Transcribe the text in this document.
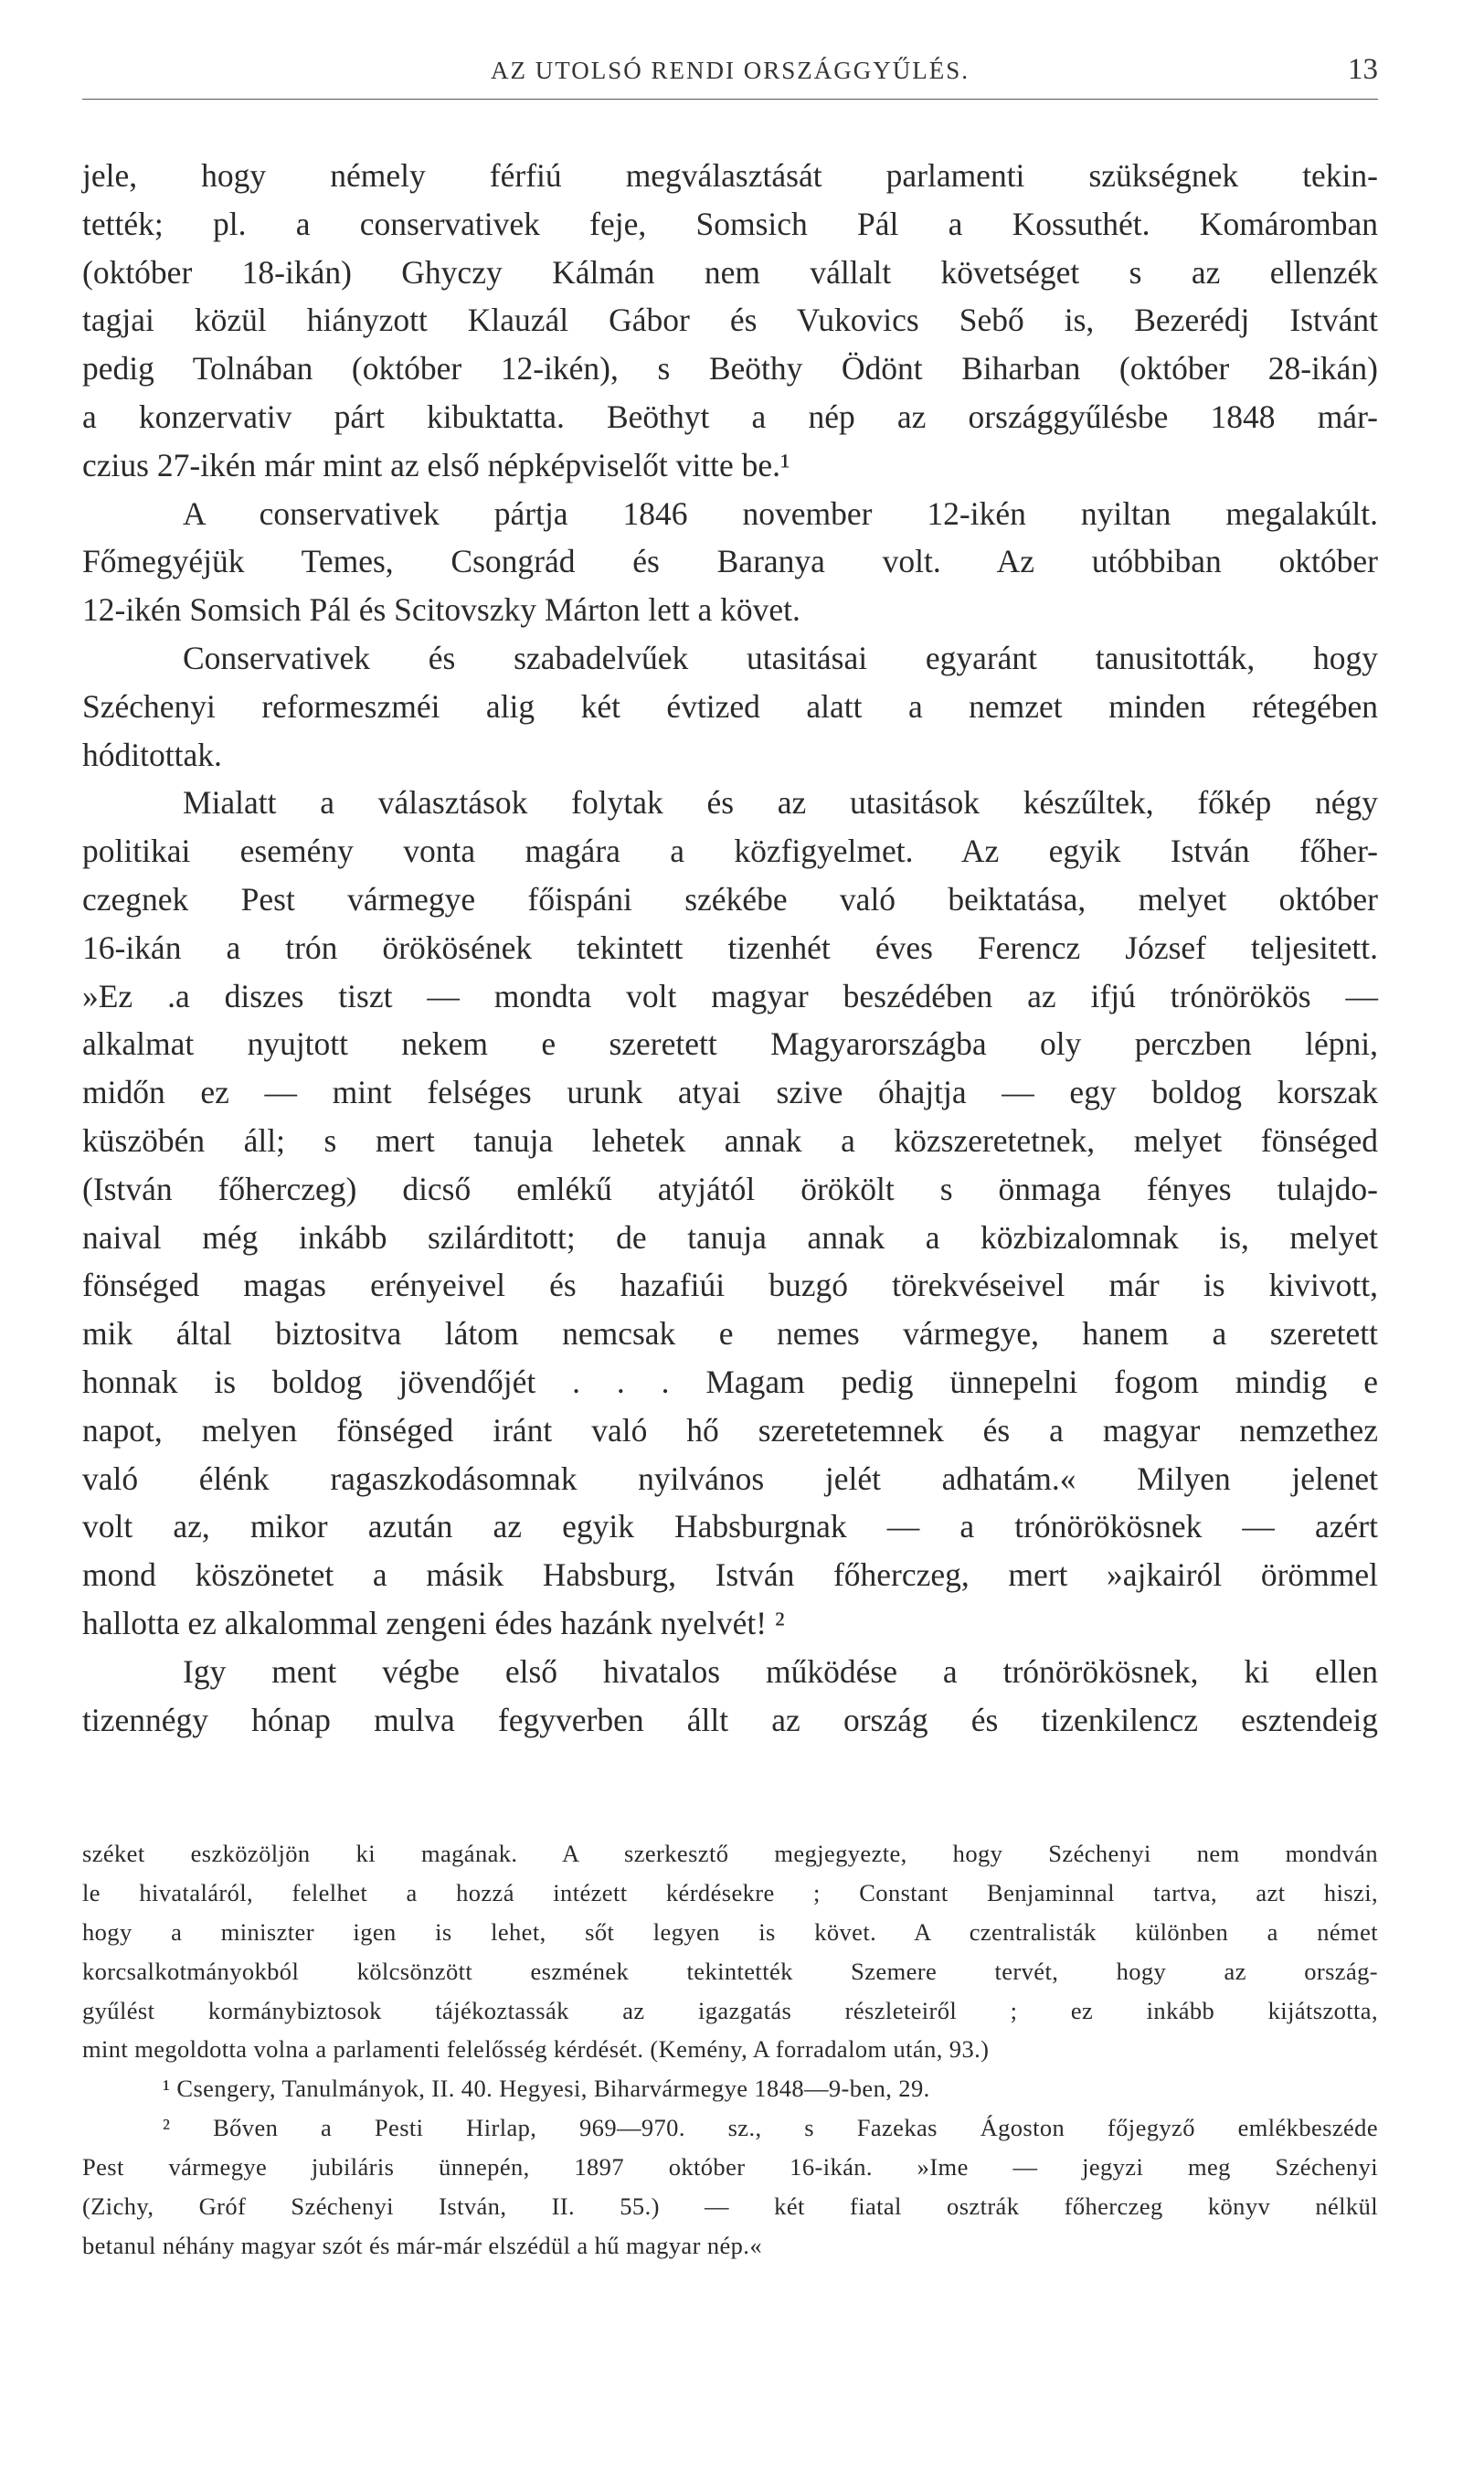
AZ UTOLSÓ RENDI ORSZÁGGYŰLÉS.	13
jele, hogy némely férfiú megválasztását parlamenti szükségnek tekin-
tették; pl. a conservativek feje, Somsich Pál a Kossuthét. Komáromban
(október 18-ikán) Ghyczy Kálmán nem vállalt követséget s az ellenzék
tagjai közül hiányzott Klauzál Gábor és Vukovics Sebő is, Bezerédj Istvánt
pedig Tolnában (október 12-ikén), s Beöthy Ödönt Biharban (október 28-ikán)
a konzervativ párt kibuktatta. Beöthyt a nép az országgyűlésbe 1848 már-
czius 27-ikén már mint az első népképviselőt vitte be.¹
A conservativek pártja 1846 november 12-ikén nyiltan megalakúlt.
Főmegyéjük Temes, Csongrád és Baranya volt. Az utóbbiban október
12-ikén Somsich Pál és Scitovszky Márton lett a követ.
Conservativek és szabadelvűek utasitásai egyaránt tanusitották, hogy
Széchenyi reformeszméi alig két évtized alatt a nemzet minden rétegében
hóditottak.
Mialatt a választások folytak és az utasitások készűltek, főkép négy
politikai esemény vonta magára a közfigyelmet. Az egyik István főher-
czegnek Pest vármegye főispáni székébe való beiktatása, melyet október
16-ikán a trón örökösének tekintett tizenhét éves Ferencz József teljesitett.
»Ez .a diszes tiszt — mondta volt magyar beszédében az ifjú trónörökös —
alkalmat nyujtott nekem e szeretett Magyarországba oly perczben lépni,
midőn ez — mint felséges urunk atyai szive óhajtja — egy boldog korszak
küszöbén áll; s mert tanuja lehetek annak a közszeretetnek, melyet fönséged
(István főherczeg) dicső emlékű atyjától örökölt s önmaga fényes tulajdo-
naival még inkább szilárditott; de tanuja annak a közbizalomnak is, melyet
fönséged magas erényeivel és hazafiúi buzgó törekvéseivel már is kivivott,
mik által biztositva látom nemcsak e nemes vármegye, hanem a szeretett
honnak is boldog jövendőjét . . . Magam pedig ünnepelni fogom mindig e
napot, melyen fönséged iránt való hő szeretetemnek és a magyar nemzethez
való élénk ragaszkodásomnak nyilvános jelét adhatám.« Milyen jelenet
volt az, mikor azután az egyik Habsburgnak — a trónörökösnek — azért
mond köszönetet a másik Habsburg, István főherczeg, mert »ajkairól örömmel
hallotta ez alkalommal zengeni édes hazánk nyelvét! ²
Igy ment végbe első hivatalos működése a trónörökösnek, ki ellen
tizennégy hónap mulva fegyverben állt az ország és tizenkilencz esztendeig
széket eszközöljön ki magának. A szerkesztő megjegyezte, hogy Széchenyi nem mondván
le hivataláról, felelhet a hozzá intézett kérdésekre ; Constant Benjaminnal tartva, azt hiszi,
hogy a miniszter igen is lehet, sőt legyen is követ. A czentralisták különben a német
korcsalkotmányokból kölcsönzött eszmének tekintették Szemere tervét, hogy az ország-
gyűlést kormánybiztosok tájékoztassák az igazgatás részleteiről ; ez inkább kijátszotta,
mint megoldotta volna a parlamenti felelősség kérdését. (Kemény, A forradalom után, 93.)
¹ Csengery, Tanulmányok, II. 40. Hegyesi, Biharvármegye 1848—9-ben, 29.
² Bőven a Pesti Hirlap, 969—970. sz., s Fazekas Ágoston főjegyző emlékbeszéde
Pest vármegye jubiláris ünnepén, 1897 október 16-ikán. »Ime — jegyzi meg Széchenyi
(Zichy, Gróf Széchenyi István, II. 55.) — két fiatal osztrák főherczeg könyv nélkül
betanul néhány magyar szót és már-már elszédül a hű magyar nép.«
